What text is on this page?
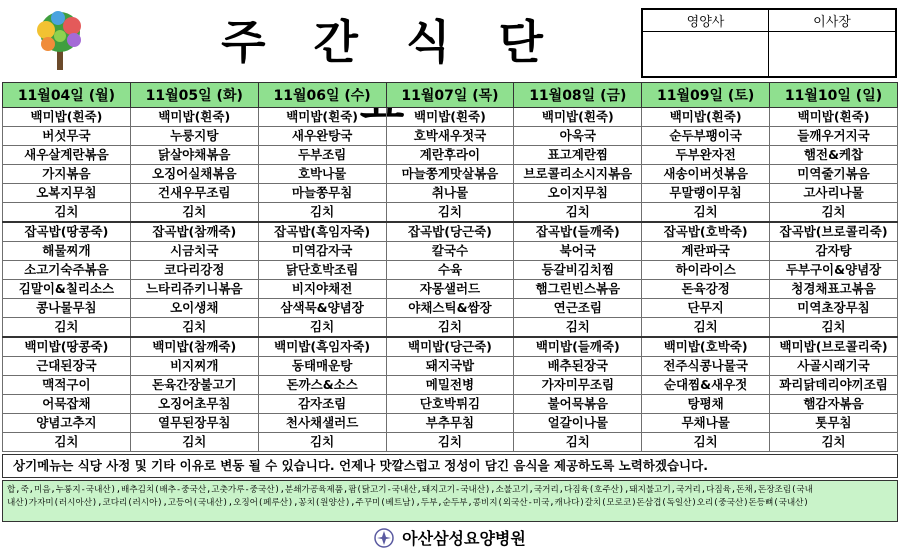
주 간 식 단	영양사	이사장
11월04일 (월)	11월05일 (화)	11월06일 (수)	11월07일 (목)	11월08일 (금)	11월09일 (토)	11월10일 (일)
백미밥(흰죽)	백미밥(흰죽)	백미밥(흰죽)	백미밥(흰죽)	백미밥(흰죽)	백미밥(흰죽)	백미밥(흰죽)
버섯무국	누룽지탕	새우완탕국	호박새우젓국	아욱국	순두부팽이국	들깨우거지국
새우살계란볶음	닭살야채볶음	두부조림	계란후라이	표고계란찜	두부완자전	햄전&케찹
가지볶음	오징어실채볶음	호박나물	마늘쫑게맛살볶음	브로콜리소시지볶음	새송이버섯볶음	미역줄기볶음
오복지무침	건새우무조림	마늘쫑무침	취나물	오이지무침	무말랭이무침	고사리나물
김치	김치	김치	김치	김치	김치	김치
잡곡밥(땅콩죽)	잡곡밥(참깨죽)	잡곡밥(흑임자죽)	잡곡밥(당근죽)	잡곡밥(들깨죽)	잡곡밥(호박죽)	잡곡밥(브로콜리죽)
해물찌개	시금치국	미역감자국	칼국수	북어국	계란파국	감자탕
소고기숙주볶음	코다리강정	닭단호박조림	수육	등갈비김치찜	하이라이스	두부구이&양념장
김말이&칠리소스	느타리쥬키니볶음	비지야채전	자몽샐러드	햄그린빈스볶음	돈육강정	청경채표고볶음
콩나물무침	오이생채	삼색묵&양념장	야채스틱&쌈장	연근조림	단무지	미역초장무침
김치	김치	김치	김치	김치	김치	김치
백미밥(땅콩죽)	백미밥(참깨죽)	백미밥(흑임자죽)	백미밥(당근죽)	백미밥(들깨죽)	백미밥(호박죽)	백미밥(브로콜리죽)
근대된장국	비지찌개	동태매운탕	돼지국밥	배추된장국	전주식콩나물국	사골시래기국
맥적구이	돈육간장불고기	돈까스&소스	메밀전병	가자미무조림	순대찜&새우젓	꽈리닭데리야끼조림
어묵잡채	오징어초무침	감자조림	단호박튀김	불어묵볶음	탕평채	햄감자볶음
양념고추지	열무된장무침	천사채샐러드	부추무침	얼갈이나물	무채나물	톳무침
김치	김치	김치	김치	김치	김치	김치
상기메뉴는 식당 사정 및 기타 이유로 변동 될 수 있습니다. 언제나 맛깔스럽고 정성이 담긴 음식을 제공하도록 노력하겠습니다.
합,죽,미음,누룽지-국내산),배추김치(배추-중국산,고춧가루-중국산),분쇄가공육제품,팜(닭고기-국내산,돼지고기-국내산),소불고기,국거리,다짐육(호주산),돼지불고기,국거리,다짐육,돈채,돈장조림(국내
내산)가자미(러시아산),코다리(러시아),고등어(국내산),오징어(페루산),꽁치(원양산),주꾸미(베트남),두부,순두부,콩비지(외국산-미국,캐나다)갈치(모로코)돈삼겹(독일산)오리(중국산)돈등뼈(국내산)
아산삼성요양병원
